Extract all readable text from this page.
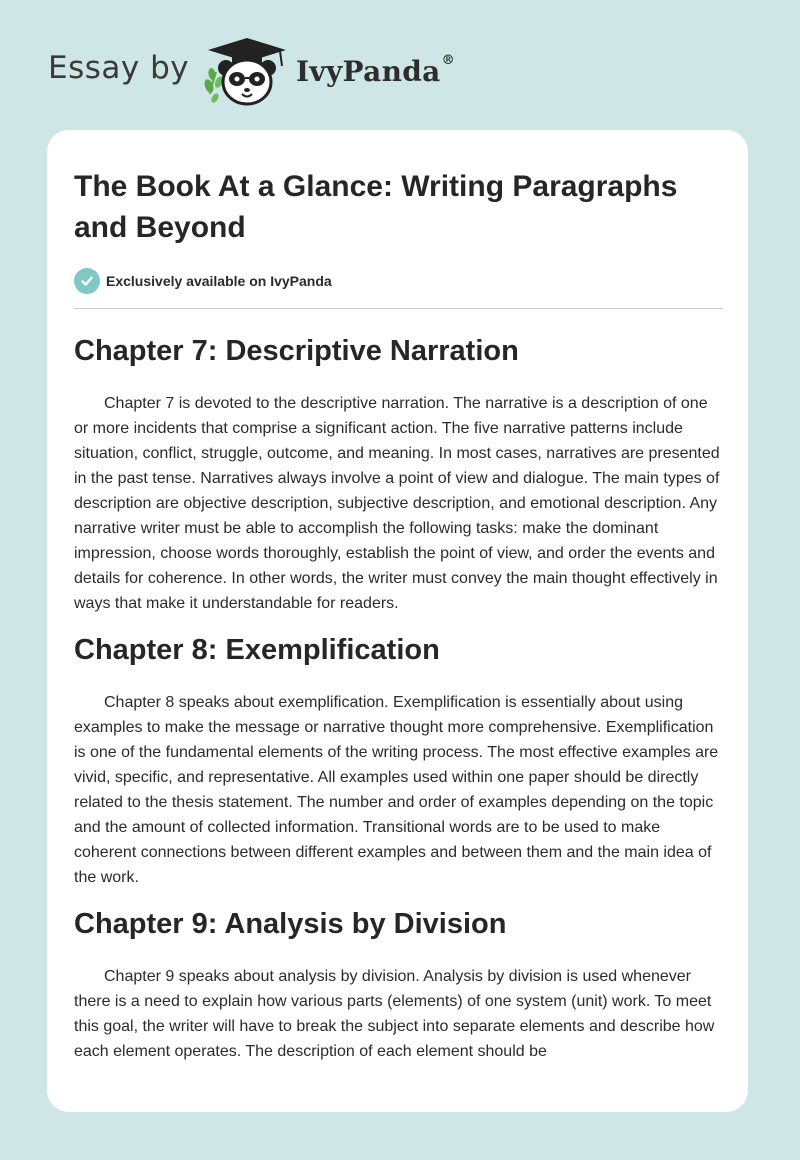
Essay by	IvyPanda®
The Book At a Glance: Writing Paragraphs and Beyond
Exclusively available on IvyPanda
Chapter 7: Descriptive Narration

Chapter 7 is devoted to the descriptive narration. The narrative is a description of one or more incidents that comprise a significant action. The five narrative patterns include situation, conflict, struggle, outcome, and meaning. In most cases, narratives are presented in the past tense. Narratives always involve a point of view and dialogue. The main types of description are objective description, subjective description, and emotional description. Any narrative writer must be able to accomplish the following tasks: make the dominant impression, choose words thoroughly, establish the point of view, and order the events and details for coherence. In other words, the writer must convey the main thought effectively in ways that make it understandable for readers.

Chapter 8: Exemplification

Chapter 8 speaks about exemplification. Exemplification is essentially about using examples to make the message or narrative thought more comprehensive. Exemplification is one of the fundamental elements of the writing process. The most effective examples are vivid, specific, and representative. All examples used within one paper should be directly related to the thesis statement. The number and order of examples depending on the topic and the amount of collected information. Transitional words are to be used to make coherent connections between different examples and between them and the main idea of the work.

Chapter 9: Analysis by Division

Chapter 9 speaks about analysis by division. Analysis by division is used whenever there is a need to explain how various parts (elements) of one system (unit) work. To meet this goal, the writer will have to break the subject into separate elements and describe how each element operates. The description of each element should be
